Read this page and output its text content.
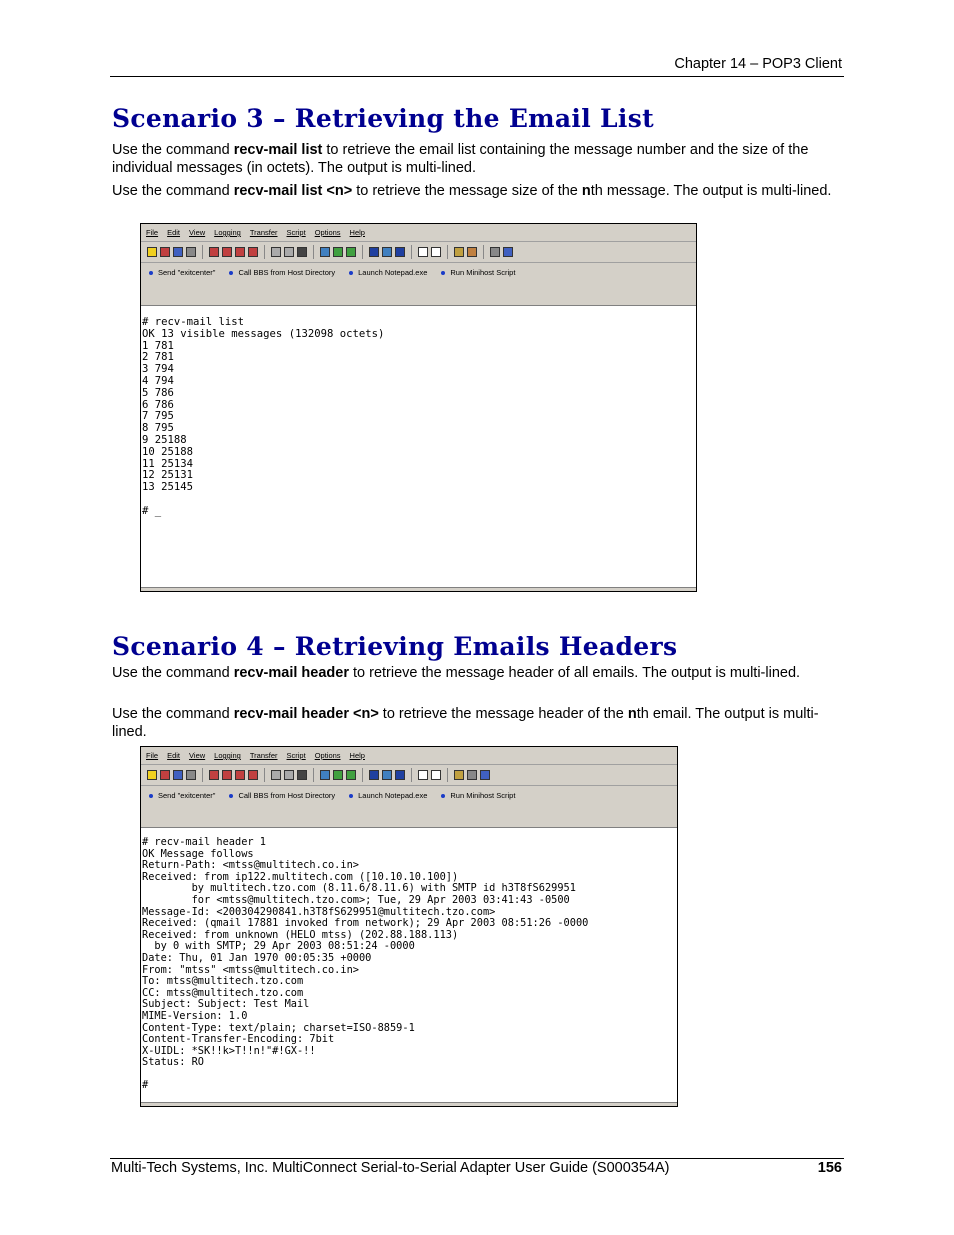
Chapter 14 – POP3 Client
Scenario 3 – Retrieving the Email List

Use the command recv-mail list to retrieve the email list containing the message number and the size of the individual messages (in octets). The output is multi-lined.

Use the command recv-mail list <n> to retrieve the message size of the nth message. The output is multi-lined.

File Edit View Logging Transfer Script Options Help
Send "exitcenter"	Call BBS from Host Directory	Launch Notepad.exe	Run Minihost Script
# recv-mail list
OK 13 visible messages (132098 octets)
1 781
2 781
3 794
4 794
5 786
6 786
7 795
8 795
9 25188
10 25188
11 25134
12 25131
13 25145

# _
Scenario 4 – Retrieving Emails Headers

Use the command recv-mail header to retrieve the message header of all emails. The output is multi-lined.

Use the command recv-mail header <n> to retrieve the message header of the nth email. The output is multi-lined.

File Edit View Logging Transfer Script Options Help
Send "exitcenter"	Call BBS from Host Directory	Launch Notepad.exe	Run Minihost Script
# recv-mail header 1
OK Message follows
Return-Path: <mtss@multitech.co.in>
Received: from ip122.multitech.com ([10.10.10.100])
by multitech.tzo.com (8.11.6/8.11.6) with SMTP id h3T8fS629951
for <mtss@multitech.tzo.com>; Tue, 29 Apr 2003 03:41:43 -0500
Message-Id: <200304290841.h3T8fS629951@multitech.tzo.com>
Received: (qmail 17881 invoked from network); 29 Apr 2003 08:51:26 -0000
Received: from unknown (HELO mtss) (202.88.188.113)
by 0 with SMTP; 29 Apr 2003 08:51:24 -0000
Date: Thu, 01 Jan 1970 00:05:35 +0000
From: "mtss" <mtss@multitech.co.in>
To: mtss@multitech.tzo.com
CC: mtss@multitech.tzo.com
Subject: Subject: Test Mail
MIME-Version: 1.0
Content-Type: text/plain; charset=ISO-8859-1
Content-Transfer-Encoding: 7bit
X-UIDL: *SK!!k>T!!n!"#!GX-!!
Status: RO

#
Multi-Tech Systems, Inc. MultiConnect Serial-to-Serial Adapter User Guide (S000354A)	156
